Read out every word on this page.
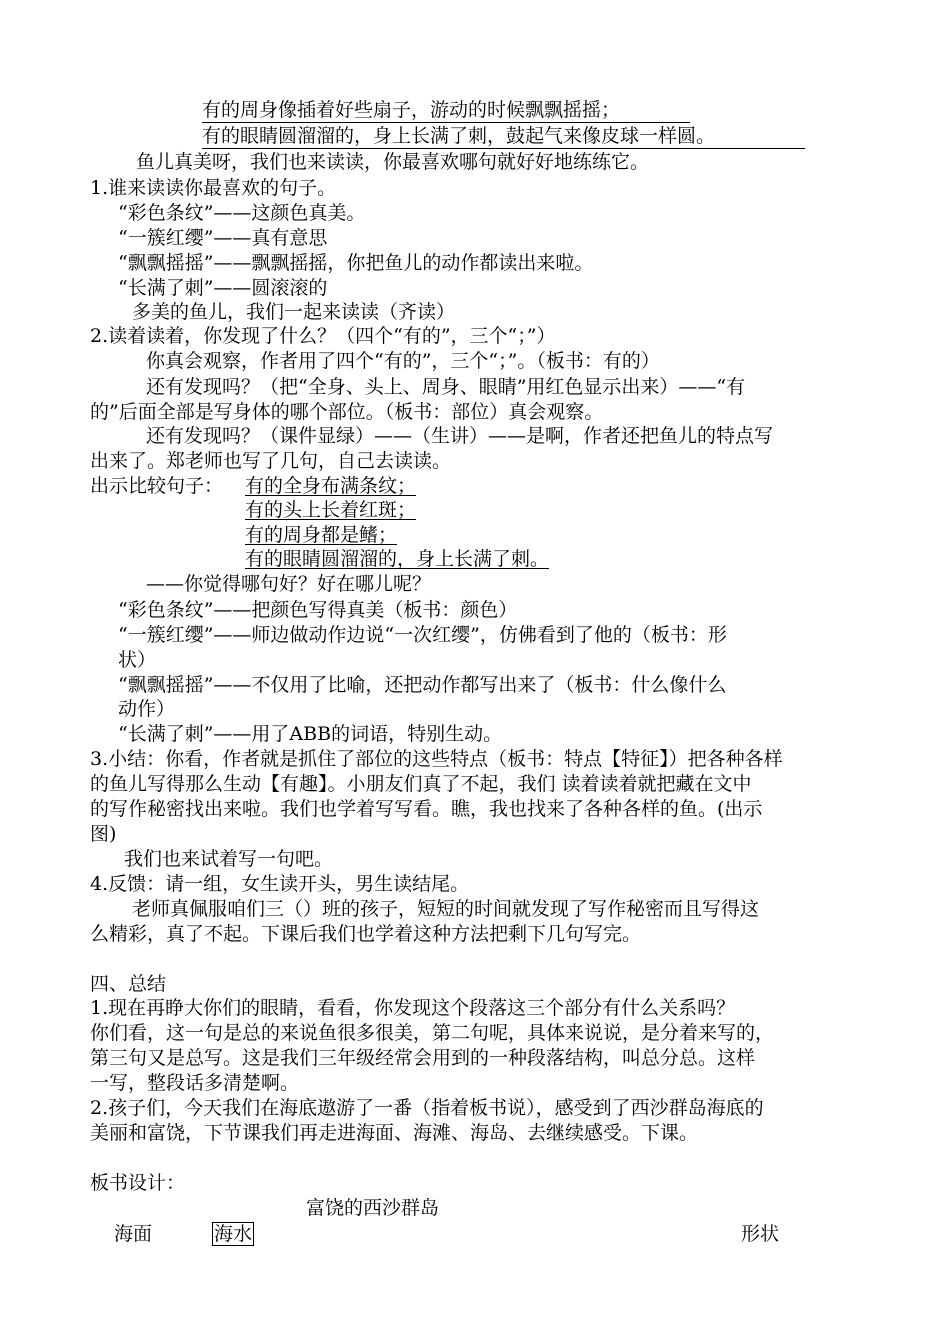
有的周身像插着好些扇子，游动的时候飘飘摇摇；
有的眼睛圆溜溜的，身上长满了刺，鼓起气来像皮球一样圆。
鱼儿真美呀，我们也来读读，你最喜欢哪句就好好地练练它。
1.谁来读读你最喜欢的句子。
“彩色条纹”——这颜色真美。
“一簇红缨”——真有意思
“飘飘摇摇”——飘飘摇摇，你把鱼儿的动作都读出来啦。
“长满了刺”——圆滚滚的
多美的鱼儿，我们一起来读读（齐读）
2.读着读着，你发现了什么？（四个“有的”，三个“；”）
你真会观察，作者用了四个“有的”，三个“；”。（板书：有的）
还有发现吗？（把“全身、头上、周身、眼睛”用红色显示出来）——“有
的”后面全部是写身体的哪个部位。（板书：部位）真会观察。
还有发现吗？（课件显绿）——（生讲）——是啊，作者还把鱼儿的特点写
出来了。郑老师也写了几句，自己去读读。
出示比较句子： 有的全身布满条纹；
有的头上长着红斑；
有的周身都是鳍；
有的眼睛圆溜溜的，身上长满了刺。
——你觉得哪句好？好在哪儿呢？
“彩色条纹”——把颜色写得真美（板书：颜色）
“一簇红缨”——师边做动作边说“一次红缨”，仿佛看到了他的（板书：形
状）
“飘飘摇摇”——不仅用了比喻，还把动作都写出来了（板书：什么像什么
动作）
“长满了刺”——用了ABB的词语，特别生动。
3.小结：你看，作者就是抓住了部位的这些特点（板书：特点【特征】）把各种各样
的鱼儿写得那么生动【有趣】。小朋友们真了不起，我们 读着读着就把藏在文中
的写作秘密找出来啦。我们也学着写写看。瞧，我也找来了各种各样的鱼。(出示
图)
我们也来试着写一句吧。
4.反馈：请一组，女生读开头，男生读结尾。
老师真佩服咱们三（）班的孩子，短短的时间就发现了写作秘密而且写得这
么精彩，真了不起。下课后我们也学着这种方法把剩下几句写完。
四、总结
1.现在再睁大你们的眼睛，看看，你发现这个段落这三个部分有什么关系吗？
你们看，这一句是总的来说鱼很多很美，第二句呢，具体来说说，是分着来写的，
第三句又是总写。这是我们三年级经常会用到的一种段落结构，叫总分总。这样
一写，整段话多清楚啊。
2.孩子们，今天我们在海底遨游了一番（指着板书说），感受到了西沙群岛海底的
美丽和富饶，下节课我们再走进海面、海滩、海岛、去继续感受。下课。
板书设计：
富饶的西沙群岛
海面	海水	形状
